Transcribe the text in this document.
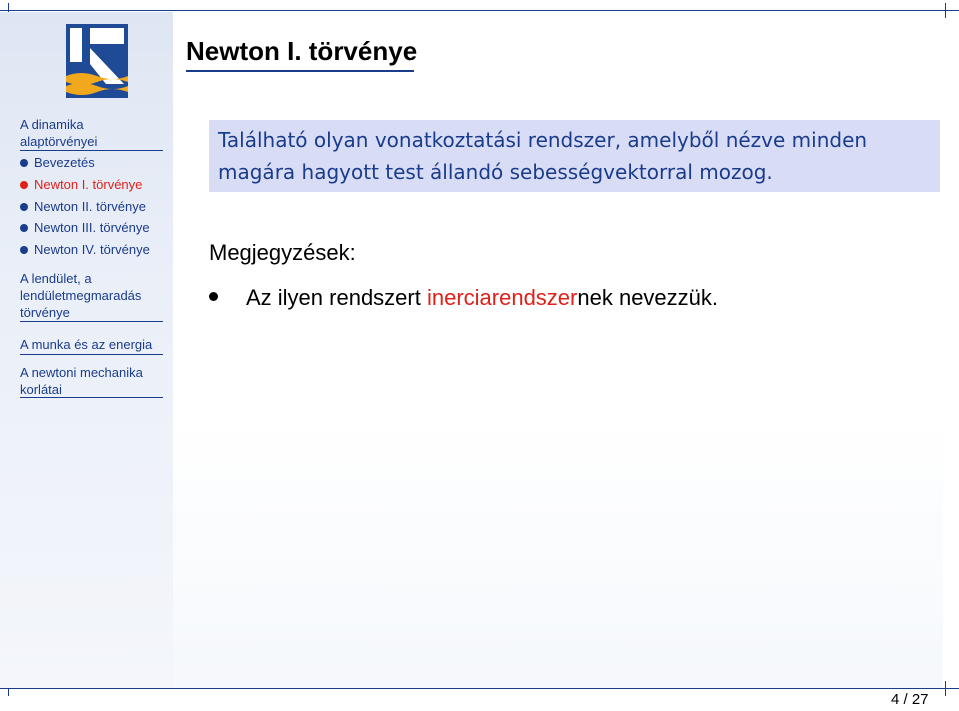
Newton I. törvénye
A dinamika alaptörvényei
Bevezetés
Newton I. törvénye
Newton II. törvénye
Newton III. törvénye
Newton IV. törvénye
A lendület, a lendületmegmaradás törvénye
A munka és az energia
A newtoni mechanika korlátai
Található olyan vonatkoztatási rendszer, amelyből nézve minden magára hagyott test állandó sebességvektorral mozog.
Megjegyzések:
Az ilyen rendszert inerciarendszernek nevezzük.
4 / 27
